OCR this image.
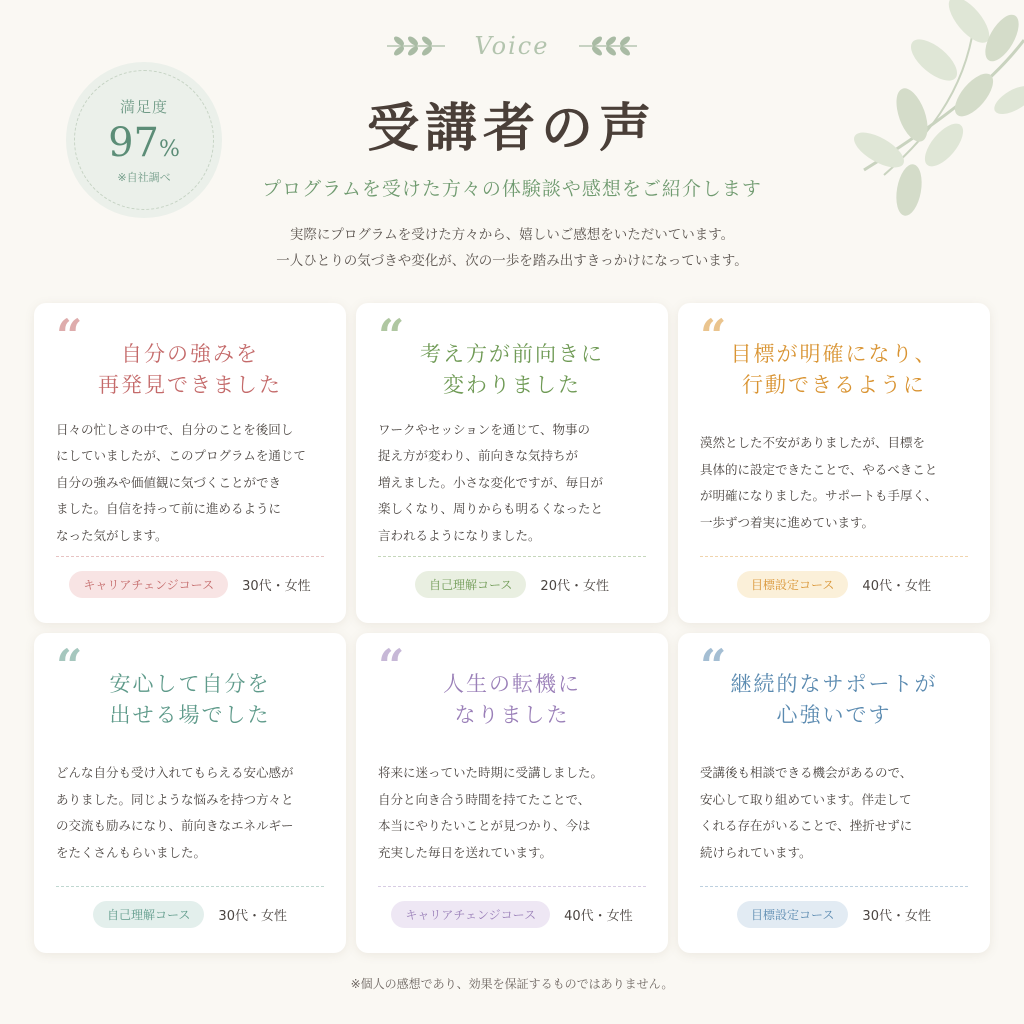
満足度
97%
※自社調べ
Voice
受講者の声
プログラムを受けた方々の体験談や感想をご紹介します
実際にプログラムを受けた方々から、嬉しいご感想をいただいています。
一人ひとりの気づきや変化が、次の一歩を踏み出すきっかけになっています。
“	自分の強みを
再発見できました
日々の忙しさの中で、自分のことを後回し
にしていましたが、このプログラムを通じて
自分の強みや価値観に気づくことができ
ました。自信を持って前に進めるように
なった気がします。
キャリアチェンジコース	30代・女性
“ 考え方が前向きに
変わりました
ワークやセッションを通じて、物事の
捉え方が変わり、前向きな気持ちが
増えました。小さな変化ですが、毎日が
楽しくなり、周りからも明るくなったと
言われるようになりました。
自己理解コース	20代・女性
“ 目標が明確になり、
行動できるように
漠然とした不安がありましたが、目標を
具体的に設定できたことで、やるべきこと
が明確になりました。サポートも手厚く、
一歩ずつ着実に進めています。
目標設定コース	40代・女性
“	安心して自分を
出せる場でした
どんな自分も受け入れてもらえる安心感が
ありました。同じような悩みを持つ方々と
の交流も励みになり、前向きなエネルギー
をたくさんもらいました。
自己理解コース	30代・女性
“	人生の転機に
なりました
将来に迷っていた時期に受講しました。
自分と向き合う時間を持てたことで、
本当にやりたいことが見つかり、今は
充実した毎日を送れています。
キャリアチェンジコース	40代・女性
“ 継続的なサポートが
心強いです
受講後も相談できる機会があるので、
安心して取り組めています。伴走して
くれる存在がいることで、挫折せずに
続けられています。
目標設定コース	30代・女性
※個人の感想であり、効果を保証するものではありません。
